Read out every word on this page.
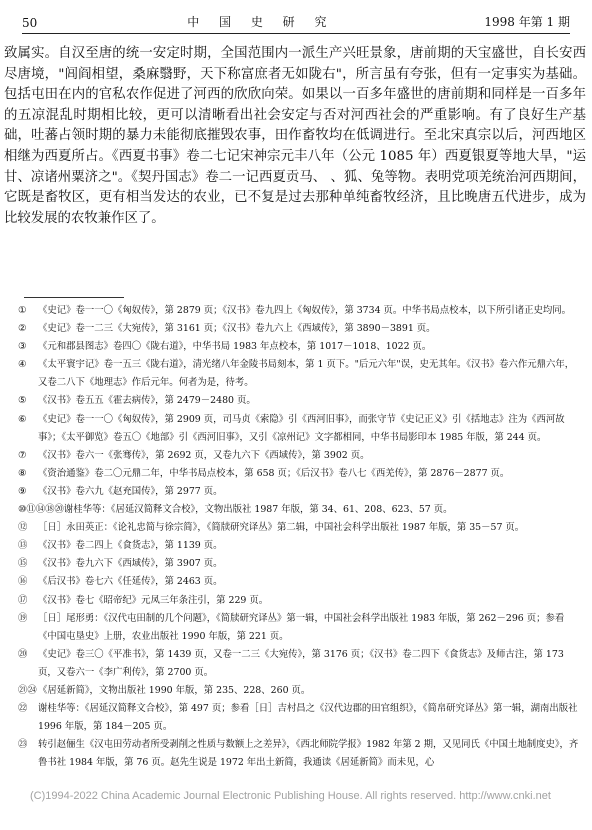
50	中 国 史 研 究	1998 年第 1 期

致属实。自汉至唐的统一安定时期，全国范围内一派生产兴旺景象，唐前期的天宝盛世，自长安西尽唐境，"闾阎相望，桑麻翳野，天下称富庶者无如陇右"，所言虽有夸张，但有一定事实为基础。包括屯田在内的官私农作促进了河西的欣欣向荣。如果以一百多年盛世的唐前期和同样是一百多年的五凉混乱时期相比较，更可以清晰看出社会安定与否对河西社会的严重影响。有了良好生产基础，吐蕃占领时期的暴力未能彻底摧毁农事，田作畜牧均在低调进行。至北宋真宗以后，河西地区相继为西夏所占。《西夏书事》卷二七记宋神宗元丰八年（公元 1085 年）西夏银夏等地大旱，"运甘、凉诸州粟济之"。《契丹国志》卷二一记西夏贡马、 、狐、兔等物。表明党项羌统治河西期间，它既是畜牧区，更有相当发达的农业，已不复是过去那种单纯畜牧经济，且比晚唐五代进步，成为比较发展的农牧兼作区了。

①	《史记》卷一一〇《匈奴传》，第 2879 页；《汉书》卷九四上《匈奴传》，第 3734 页。中华书局点校本，以下所引诸正史均同。
②	《史记》卷一二三《大宛传》，第 3161 页；《汉书》卷九六上《西域传》，第 3890－3891 页。
③	《元和郡县图志》卷四〇《陇右道》，中华书局 1983 年点校本，第 1017－1018、1022 页。
④	《太平寰宇记》卷一五三《陇右道》，清光绪八年金陵书局刻本，第 1 页下。"后元六年"误，史无其年。《汉书》卷六作元鼎六年，又卷二八下《地理志》作后元年。何者为是，待考。
⑤	《汉书》卷五五《霍去病传》，第 2479－2480 页。
⑥	《史记》卷一一〇《匈奴传》，第 2909 页，司马贞《索隐》引《西河旧事》，而张守节《史记正义》引《括地志》注为《西河故事》；《太平御览》卷五〇《地部》引《西河旧事》，又引《凉州记》文字都相同，中华书局影印本 1985 年版，第 244 页。
⑦	《汉书》卷六一《张骞传》，第 2692 页，又卷九六下《西域传》，第 3902 页。
⑧	《资治通鉴》卷二〇元鼎二年，中华书局点校本，第 658 页；《后汉书》卷八七《西羌传》，第 2876－2877 页。
⑨	《汉书》卷六九《赵充国传》，第 2977 页。
⑩⑪⑭⑱⑳ 谢桂华等：《居延汉简释文合校》，文物出版社 1987 年版，第 34、61、208、623、57 页。
⑫	［日］永田英正：《论礼忠简与徐宗简》，《简牍研究译丛》第二辑，中国社会科学出版社 1987 年版，第 35－57 页。
⑬	《汉书》卷二四上《食货志》，第 1139 页。
⑮	《汉书》卷九六下《西域传》，第 3907 页。
⑯	《后汉书》卷七六《任延传》，第 2463 页。
⑰	《汉书》卷七《昭帝纪》元凤三年条注引，第 229 页。
⑲	［日］尾形勇：《汉代屯田制的几个问题》，《简牍研究译丛》第一辑，中国社会科学出版社 1983 年版，第 262－296 页；参看《中国屯垦史》上册，农业出版社 1990 年版，第 221 页。
⑳	《史记》卷三〇《平准书》，第 1439 页，又卷一二三《大宛传》，第 3176 页；《汉书》卷二四下《食货志》及师古注，第 173 页，又卷六一《李广利传》，第 2700 页。
㉑㉔ 《居延新简》，文物出版社 1990 年版，第 235、228、260 页。
㉒	谢桂华等：《居延汉简释文合校》，第 497 页；参看［日］吉村昌之《汉代边郡的田官组织》，《简帛研究译丛》第一辑，湖南出版社 1996 年版，第 184－205 页。
㉓	转引赵俪生《汉屯田劳动者所受剥削之性质与数额上之差异》，《西北师院学报》1982 年第 2 期，又见同氏《中国土地制度史》，齐鲁书社 1984 年版，第 76 页。赵先生说是 1972 年出土新简，我通读《居延新简》而未见，心
(C)1994-2022 China Academic Journal Electronic Publishing House. All rights reserved. http://www.cnki.net
